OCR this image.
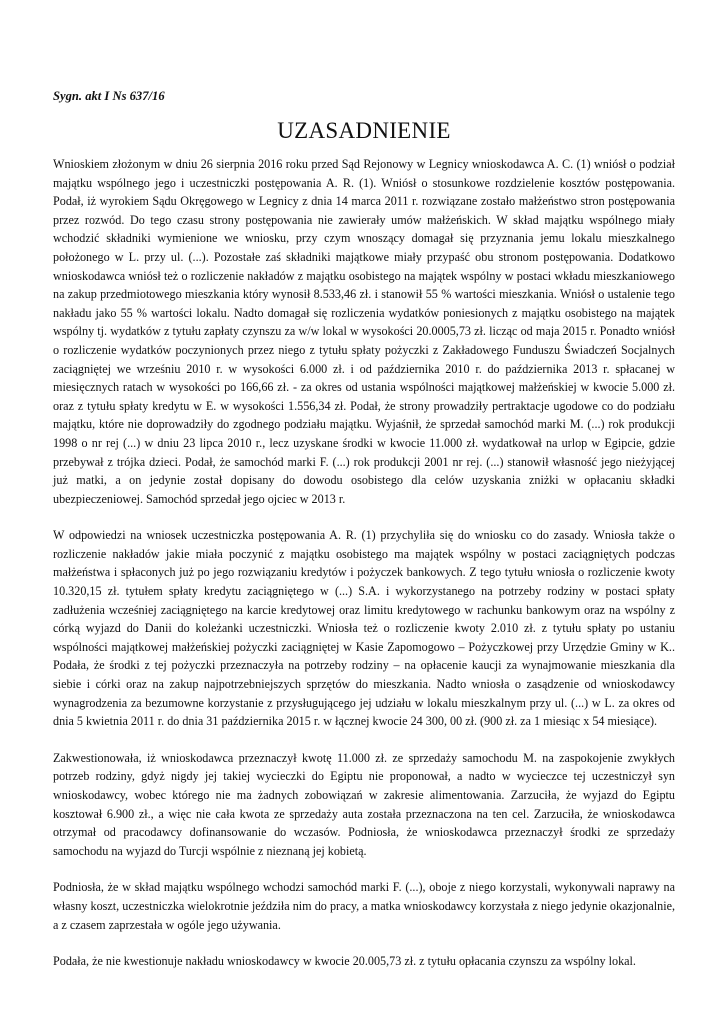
Sygn. akt I Ns 637/16
UZASADNIENIE

Wnioskiem złożonym w dniu 26 sierpnia 2016 roku przed Sąd Rejonowy w Legnicy wnioskodawca A. C. (1) wniósł o podział majątku wspólnego jego i uczestniczki postępowania A. R. (1). Wniósł o stosunkowe rozdzielenie kosztów postępowania. Podał, iż wyrokiem Sądu Okręgowego w Legnicy z dnia 14 marca 2011 r. rozwiązane zostało małżeństwo stron postępowania przez rozwód. Do tego czasu strony postępowania nie zawierały umów małżeńskich. W skład majątku wspólnego miały wchodzić składniki wymienione we wniosku, przy czym wnoszący domagał się przyznania jemu lokalu mieszkalnego położonego w L. przy ul. (...). Pozostałe zaś składniki majątkowe miały przypaść obu stronom postępowania. Dodatkowo wnioskodawca wniósł też o rozliczenie nakładów z majątku osobistego na majątek wspólny w postaci wkładu mieszkaniowego na zakup przedmiotowego mieszkania który wynosił 8.533,46 zł. i stanowił 55 % wartości mieszkania. Wniósł o ustalenie tego nakładu jako 55 % wartości lokalu. Nadto domagał się rozliczenia wydatków poniesionych z majątku osobistego na majątek wspólny tj. wydatków z tytułu zapłaty czynszu za w/w lokal w wysokości 20.0005,73 zł. licząc od maja 2015 r. Ponadto wniósł o rozliczenie wydatków poczynionych przez niego z tytułu spłaty pożyczki z Zakładowego Funduszu Świadczeń Socjalnych zaciągniętej we wrześniu 2010 r. w wysokości 6.000 zł. i od października 2010 r. do października 2013 r. spłacanej w miesięcznych ratach w wysokości po 166,66 zł. - za okres od ustania wspólności majątkowej małżeńskiej w kwocie 5.000 zł. oraz z tytułu spłaty kredytu w E. w wysokości 1.556,34 zł. Podał, że strony prowadziły pertraktacje ugodowe co do podziału majątku, które nie doprowadziły do zgodnego podziału majątku. Wyjaśnił, że sprzedał samochód marki M. (...) rok produkcji 1998 o nr rej (...) w dniu 23 lipca 2010 r., lecz uzyskane środki w kwocie 11.000 zł. wydatkował na urlop w Egipcie, gdzie przebywał z trójka dzieci. Podał, że samochód marki F. (...) rok produkcji 2001 nr rej. (...) stanowił własność jego nieżyjącej już matki, a on jedynie został dopisany do dowodu osobistego dla celów uzyskania zniżki w opłacaniu składki ubezpieczeniowej. Samochód sprzedał jego ojciec w 2013 r.

W odpowiedzi na wniosek uczestniczka postępowania A. R. (1) przychyliła się do wniosku co do zasady. Wniosła także o rozliczenie nakładów jakie miała poczynić z majątku osobistego ma majątek wspólny w postaci zaciągniętych podczas małżeństwa i spłaconych już po jego rozwiązaniu kredytów i pożyczek bankowych. Z tego tytułu wniosła o rozliczenie kwoty 10.320,15 zł. tytułem spłaty kredytu zaciągniętego w (...) S.A. i wykorzystanego na potrzeby rodziny w postaci spłaty zadłużenia wcześniej zaciągniętego na karcie kredytowej oraz limitu kredytowego w rachunku bankowym oraz na wspólny z córką wyjazd do Danii do koleżanki uczestniczki. Wniosła też o rozliczenie kwoty 2.010 zł. z tytułu spłaty po ustaniu wspólności majątkowej małżeńskiej pożyczki zaciągniętej w Kasie Zapomogowo – Pożyczkowej przy Urzędzie Gminy w K.. Podała, że środki z tej pożyczki przeznaczyła na potrzeby rodziny – na opłacenie kaucji za wynajmowanie mieszkania dla siebie i córki oraz na zakup najpotrzebniejszych sprzętów do mieszkania. Nadto wniosła o zasądzenie od wnioskodawcy wynagrodzenia za bezumowne korzystanie z przysługującego jej udziału w lokalu mieszkalnym przy ul. (...) w L. za okres od dnia 5 kwietnia 2011 r. do dnia 31 października 2015 r. w łącznej kwocie 24 300, 00 zł. (900 zł. za 1 miesiąc x 54 miesiące).

Zakwestionowała, iż wnioskodawca przeznaczył kwotę 11.000 zł. ze sprzedaży samochodu M. na zaspokojenie zwykłych potrzeb rodziny, gdyż nigdy jej takiej wycieczki do Egiptu nie proponował, a nadto w wycieczce tej uczestniczył syn wnioskodawcy, wobec którego nie ma żadnych zobowiązań w zakresie alimentowania. Zarzuciła, że wyjazd do Egiptu kosztował 6.900 zł., a więc nie cała kwota ze sprzedaży auta została przeznaczona na ten cel. Zarzuciła, że wnioskodawca otrzymał od pracodawcy dofinansowanie do wczasów. Podniosła, że wnioskodawca przeznaczył środki ze sprzedaży samochodu na wyjazd do Turcji wspólnie z nieznaną jej kobietą.

Podniosła, że w skład majątku wspólnego wchodzi samochód marki F. (...), oboje z niego korzystali, wykonywali naprawy na własny koszt, uczestniczka wielokrotnie jeździła nim do pracy, a matka wnioskodawcy korzystała z niego jedynie okazjonalnie, a z czasem zaprzestała w ogóle jego używania.

Podała, że nie kwestionuje nakładu wnioskodawcy w kwocie 20.005,73 zł. z tytułu opłacania czynszu za wspólny lokal.
